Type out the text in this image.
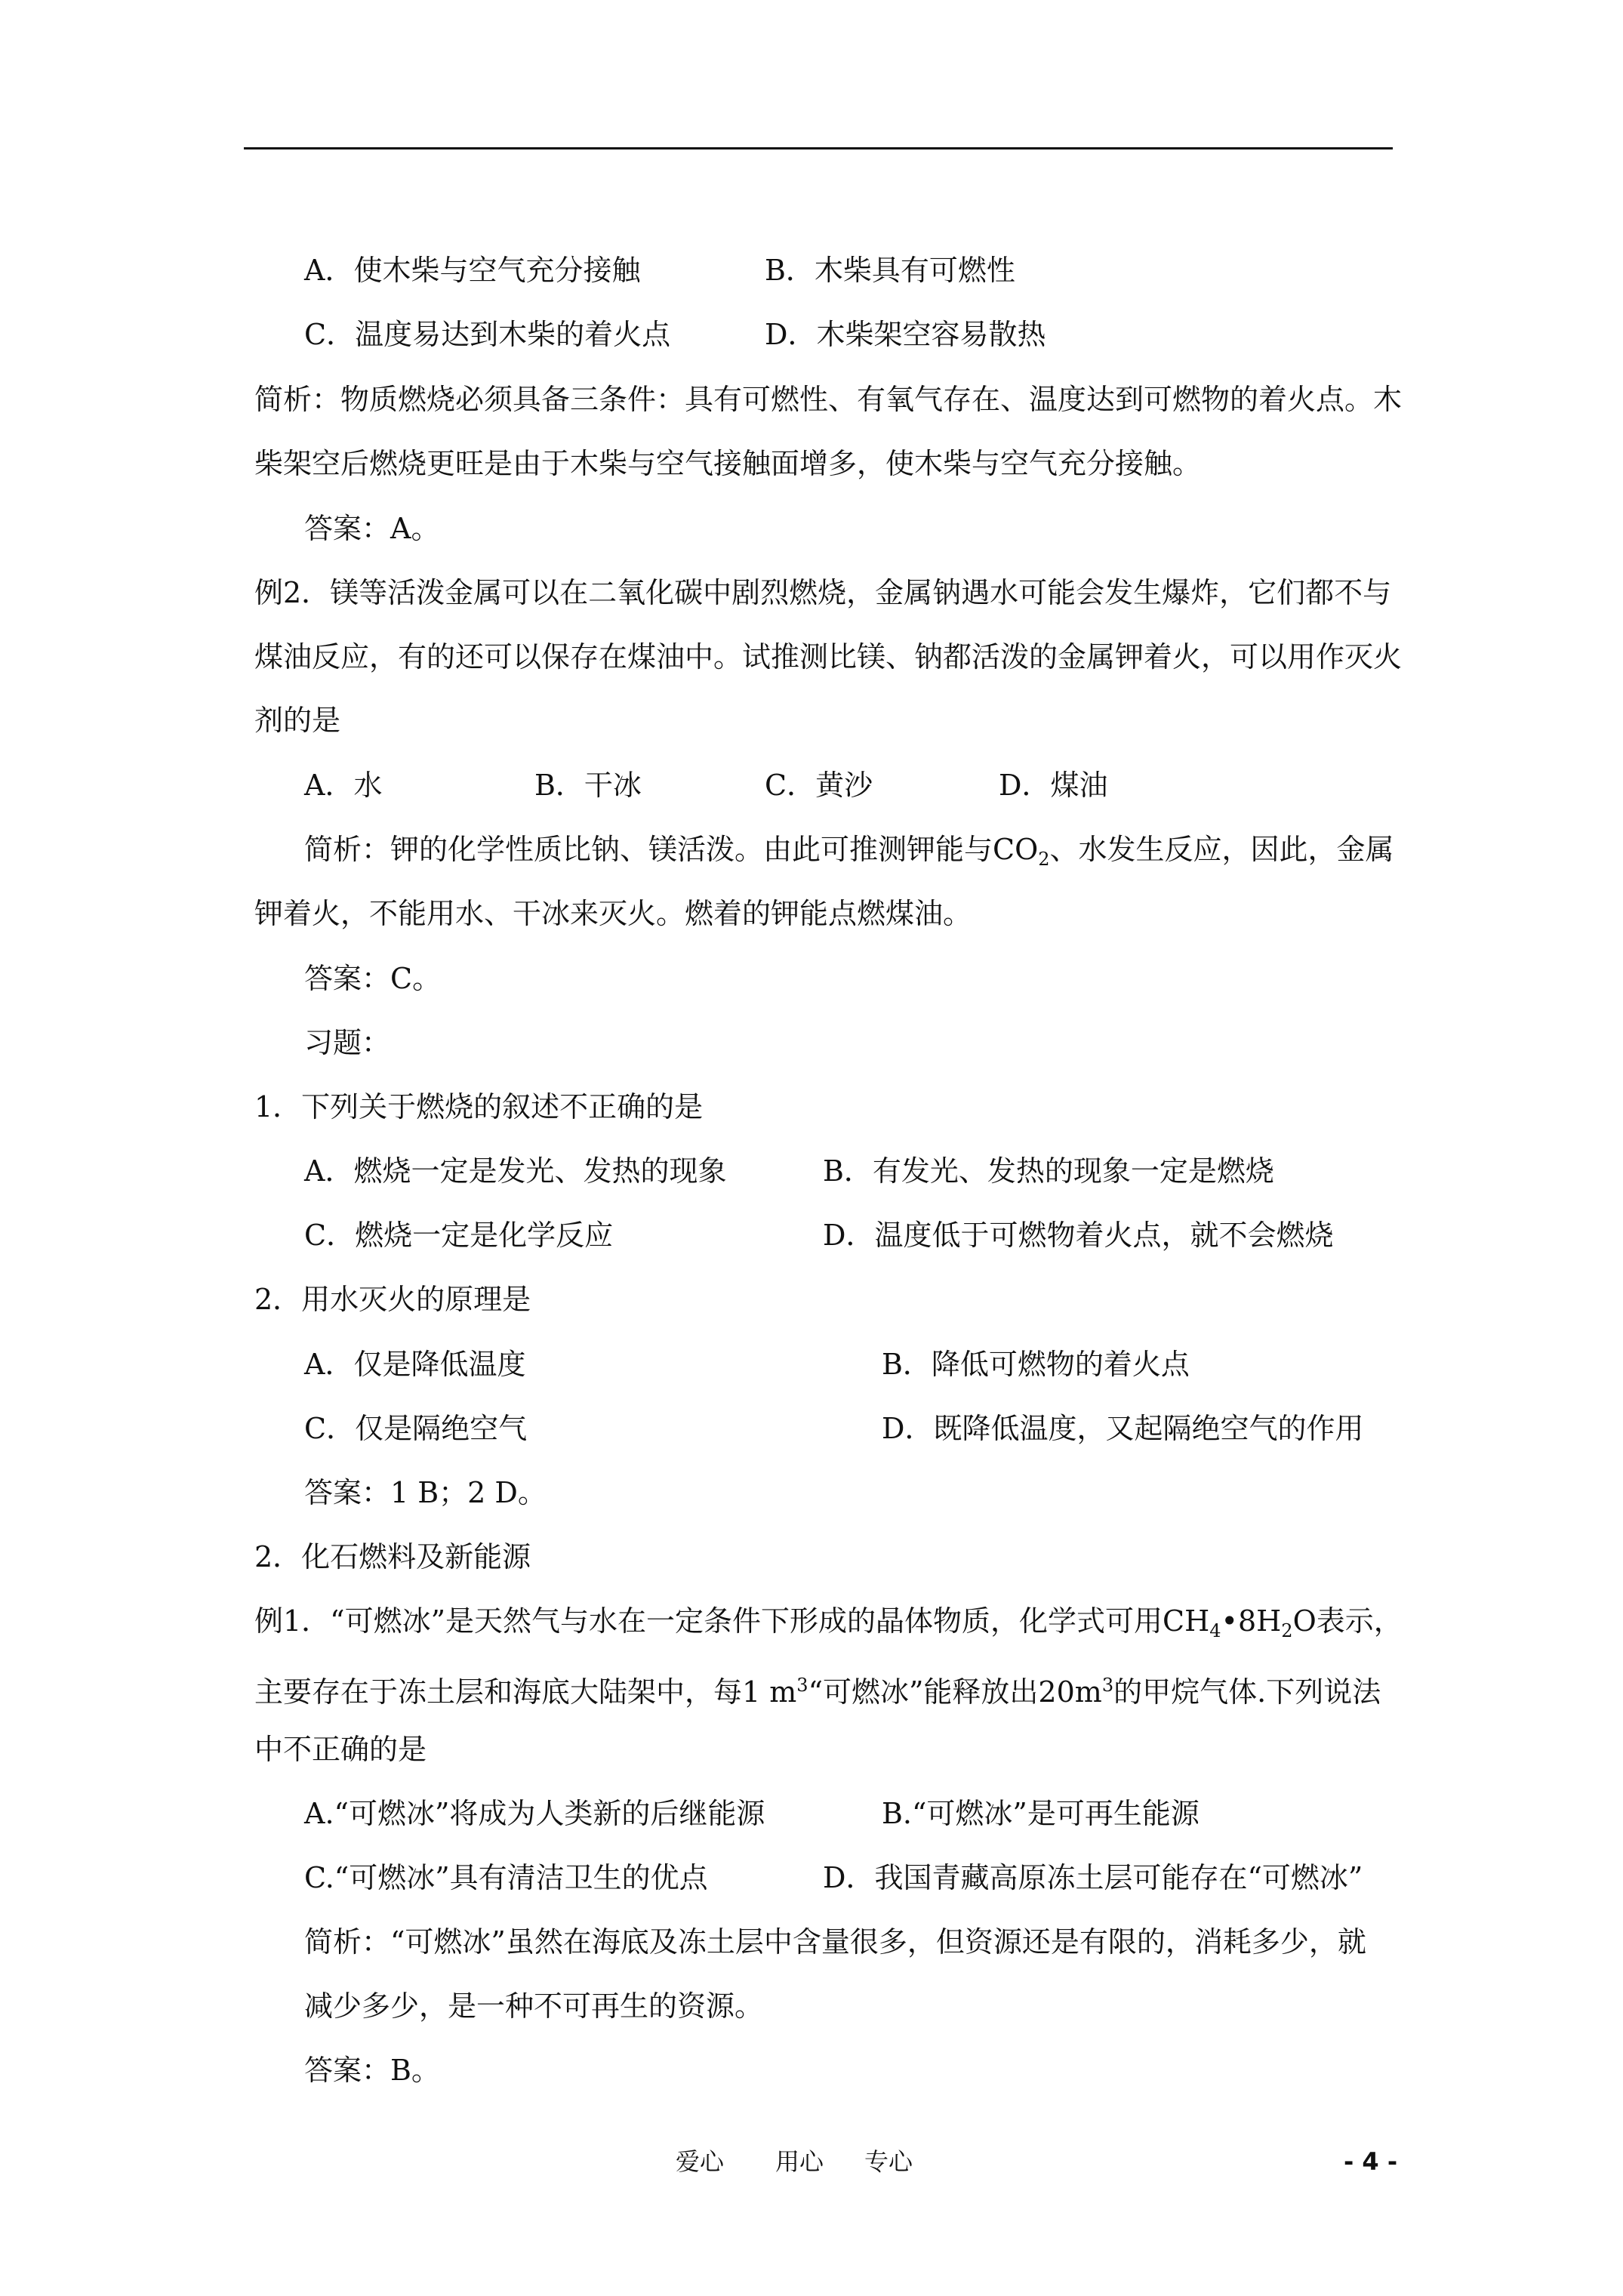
A．使木柴与空气充分接触	B．木柴具有可燃性
C．温度易达到木柴的着火点	D．木柴架空容易散热
简析：物质燃烧必须具备三条件：具有可燃性、有氧气存在、温度达到可燃物的着火点。木
柴架空后燃烧更旺是由于木柴与空气接触面增多，使木柴与空气充分接触。
答案：A。
例2．镁等活泼金属可以在二氧化碳中剧烈燃烧，金属钠遇水可能会发生爆炸，它们都不与
煤油反应，有的还可以保存在煤油中。试推测比镁、钠都活泼的金属钾着火，可以用作灭火
剂的是
A．水	B．干冰	C．黄沙	D．煤油
简析：钾的化学性质比钠、镁活泼。由此可推测钾能与$CO_2$、水发生反应，因此，金属
钾着火，不能用水、干冰来灭火。燃着的钾能点燃煤油。
答案：C。
习题：
1．下列关于燃烧的叙述不正确的是
A．燃烧一定是发光、发热的现象	B．有发光、发热的现象一定是燃烧
C．燃烧一定是化学反应	D．温度低于可燃物着火点，就不会燃烧
2．用水灭火的原理是
A．仅是降低温度	B．降低可燃物的着火点
C．仅是隔绝空气	D．既降低温度，又起隔绝空气的作用
答案：1 B；2 D。
2．化石燃料及新能源
例1．“可燃冰”是天然气与水在一定条件下形成的晶体物质，化学式可用$CH_4•8H_2O$表示，
主要存在于冻土层和海底大陆架中，每1 $m^3“$可燃冰”能释放出$20m^3$的甲烷气体.下列说法
中不正确的是
A.“可燃冰”将成为人类新的后继能源	B.“可燃冰”是可再生能源
C.“可燃冰”具有清洁卫生的优点	D．我国青藏高原冻土层可能存在“可燃冰”
简析：“可燃冰”虽然在海底及冻土层中含量很多，但资源还是有限的，消耗多少，就
减少多少，是一种不可再生的资源。
答案：B。
爱心 用心 专心	- 4 -
